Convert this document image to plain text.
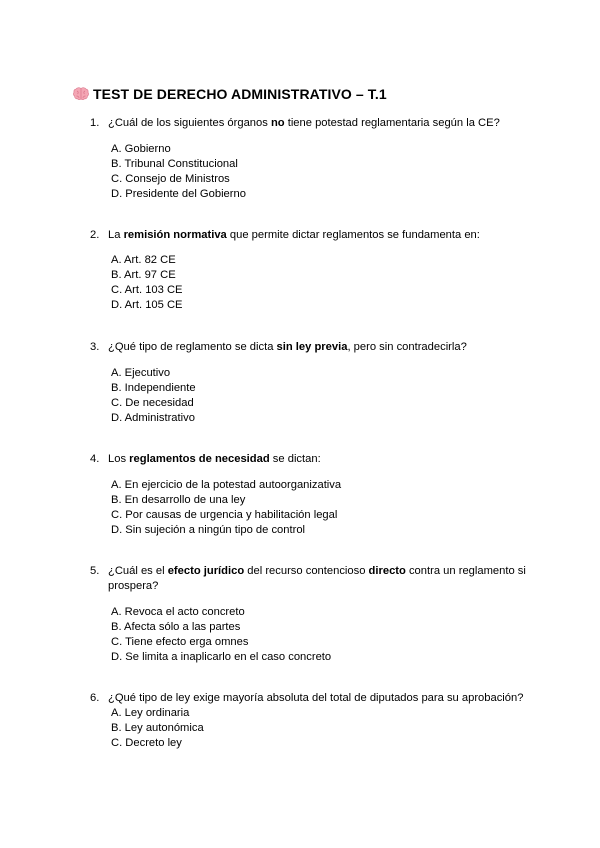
TEST DE DERECHO ADMINISTRATIVO – T.1
1. ¿Cuál de los siguientes órganos no tiene potestad reglamentaria según la CE?
A. Gobierno
B. Tribunal Constitucional
C. Consejo de Ministros
D. Presidente del Gobierno
2. La remisión normativa que permite dictar reglamentos se fundamenta en:
A. Art. 82 CE
B. Art. 97 CE
C. Art. 103 CE
D. Art. 105 CE
3. ¿Qué tipo de reglamento se dicta sin ley previa, pero sin contradecirla?
A. Ejecutivo
B. Independiente
C. De necesidad
D. Administrativo
4. Los reglamentos de necesidad se dictan:
A. En ejercicio de la potestad autoorganizativa
B. En desarrollo de una ley
C. Por causas de urgencia y habilitación legal
D. Sin sujeción a ningún tipo de control
5. ¿Cuál es el efecto jurídico del recurso contencioso directo contra un reglamento si prospera?
A. Revoca el acto concreto
B. Afecta sólo a las partes
C. Tiene efecto erga omnes
D. Se limita a inaplicarlo en el caso concreto
6. ¿Qué tipo de ley exige mayoría absoluta del total de diputados para su aprobación?
A. Ley ordinaria
B. Ley autonómica
C. Decreto ley
